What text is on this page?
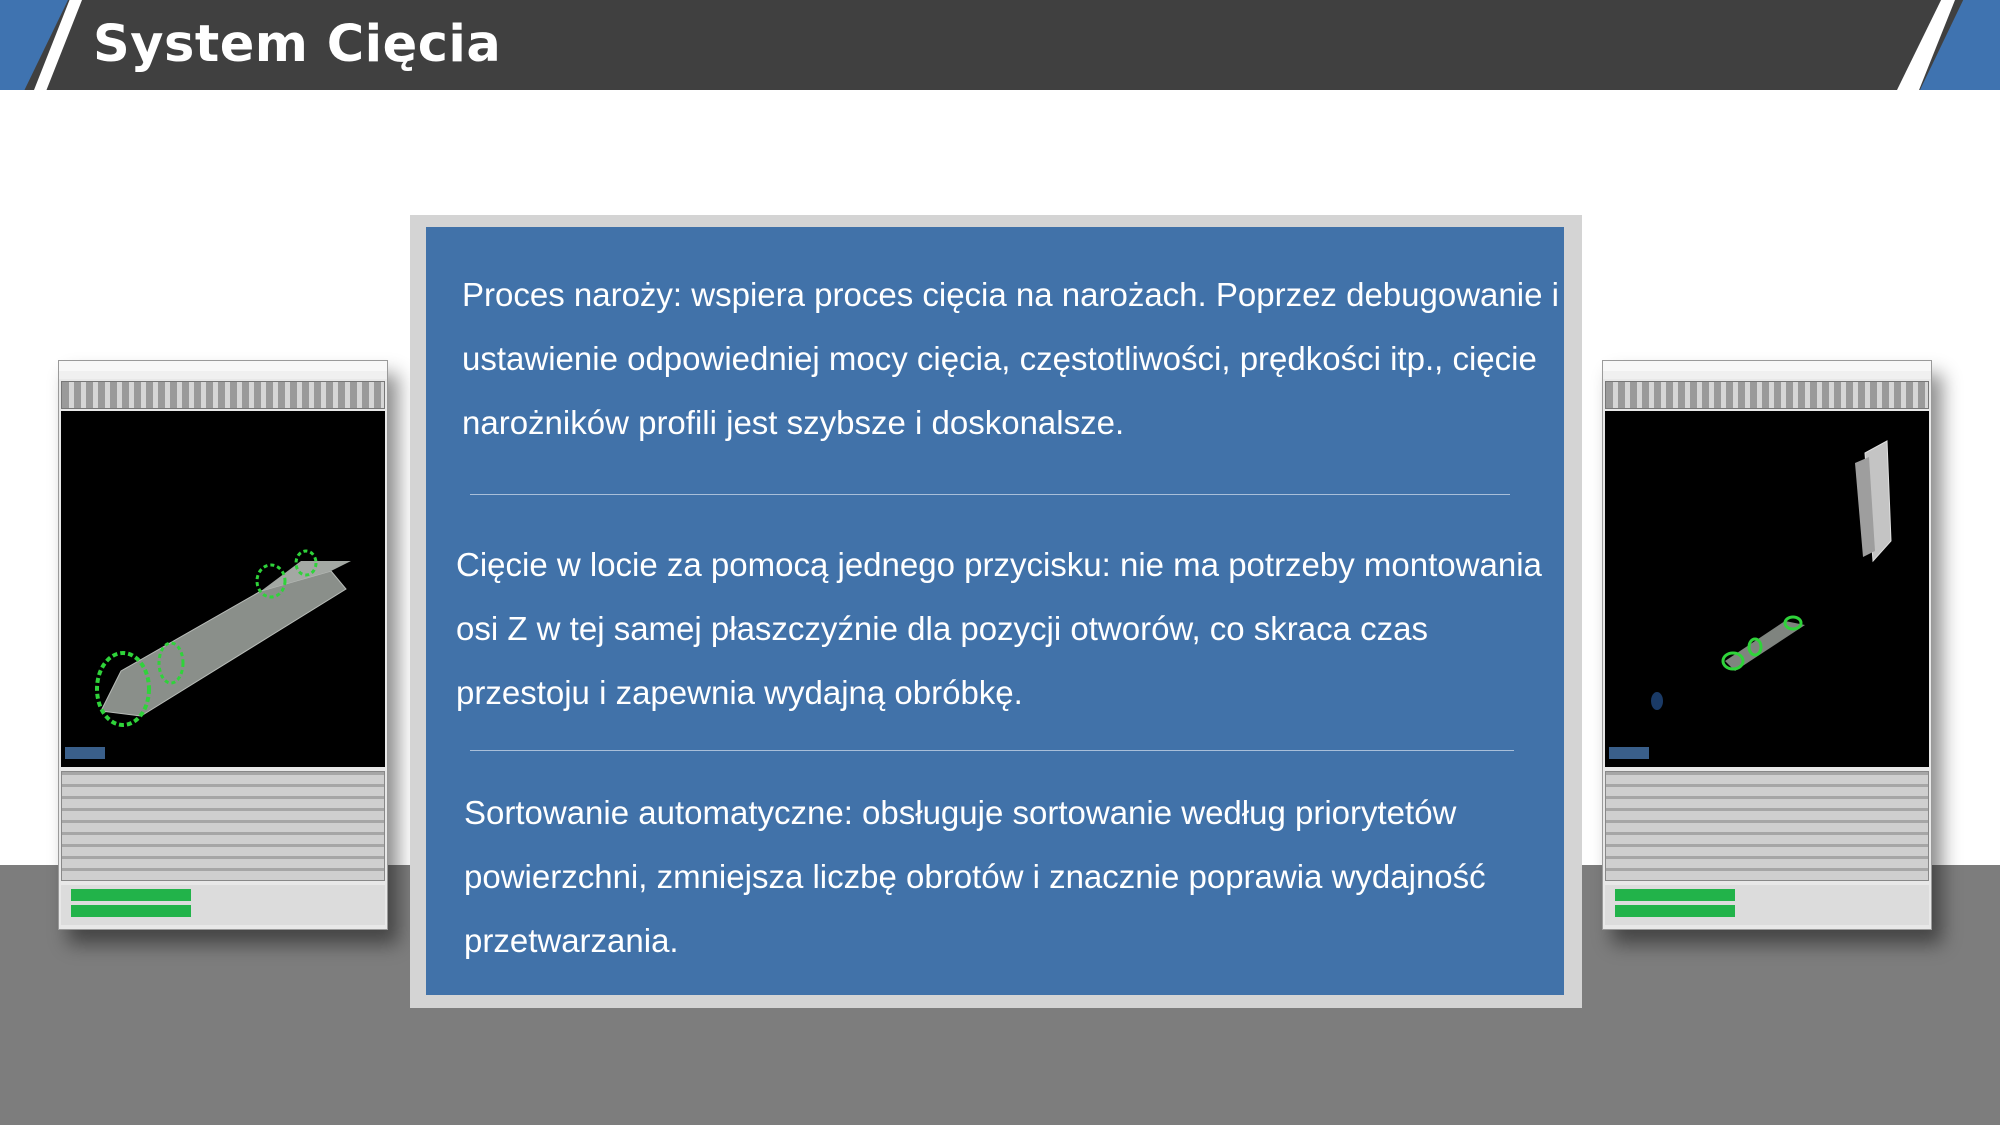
System Cięcia

Proces naroży: wspiera proces cięcia na narożach. Poprzez debugowanie i ustawienie odpowiedniej mocy cięcia, częstotliwości, prędkości itp., cięcie narożników profili jest szybsze i doskonalsze.

Cięcie w locie za pomocą jednego przycisku: nie ma potrzeby montowania osi Z w tej samej płaszczyźnie dla pozycji otworów, co skraca czas przestoju i zapewnia wydajną obróbkę.

Sortowanie automatyczne: obsługuje sortowanie według priorytetów powierzchni, zmniejsza liczbę obrotów i znacznie poprawia wydajność przetwarzania.
